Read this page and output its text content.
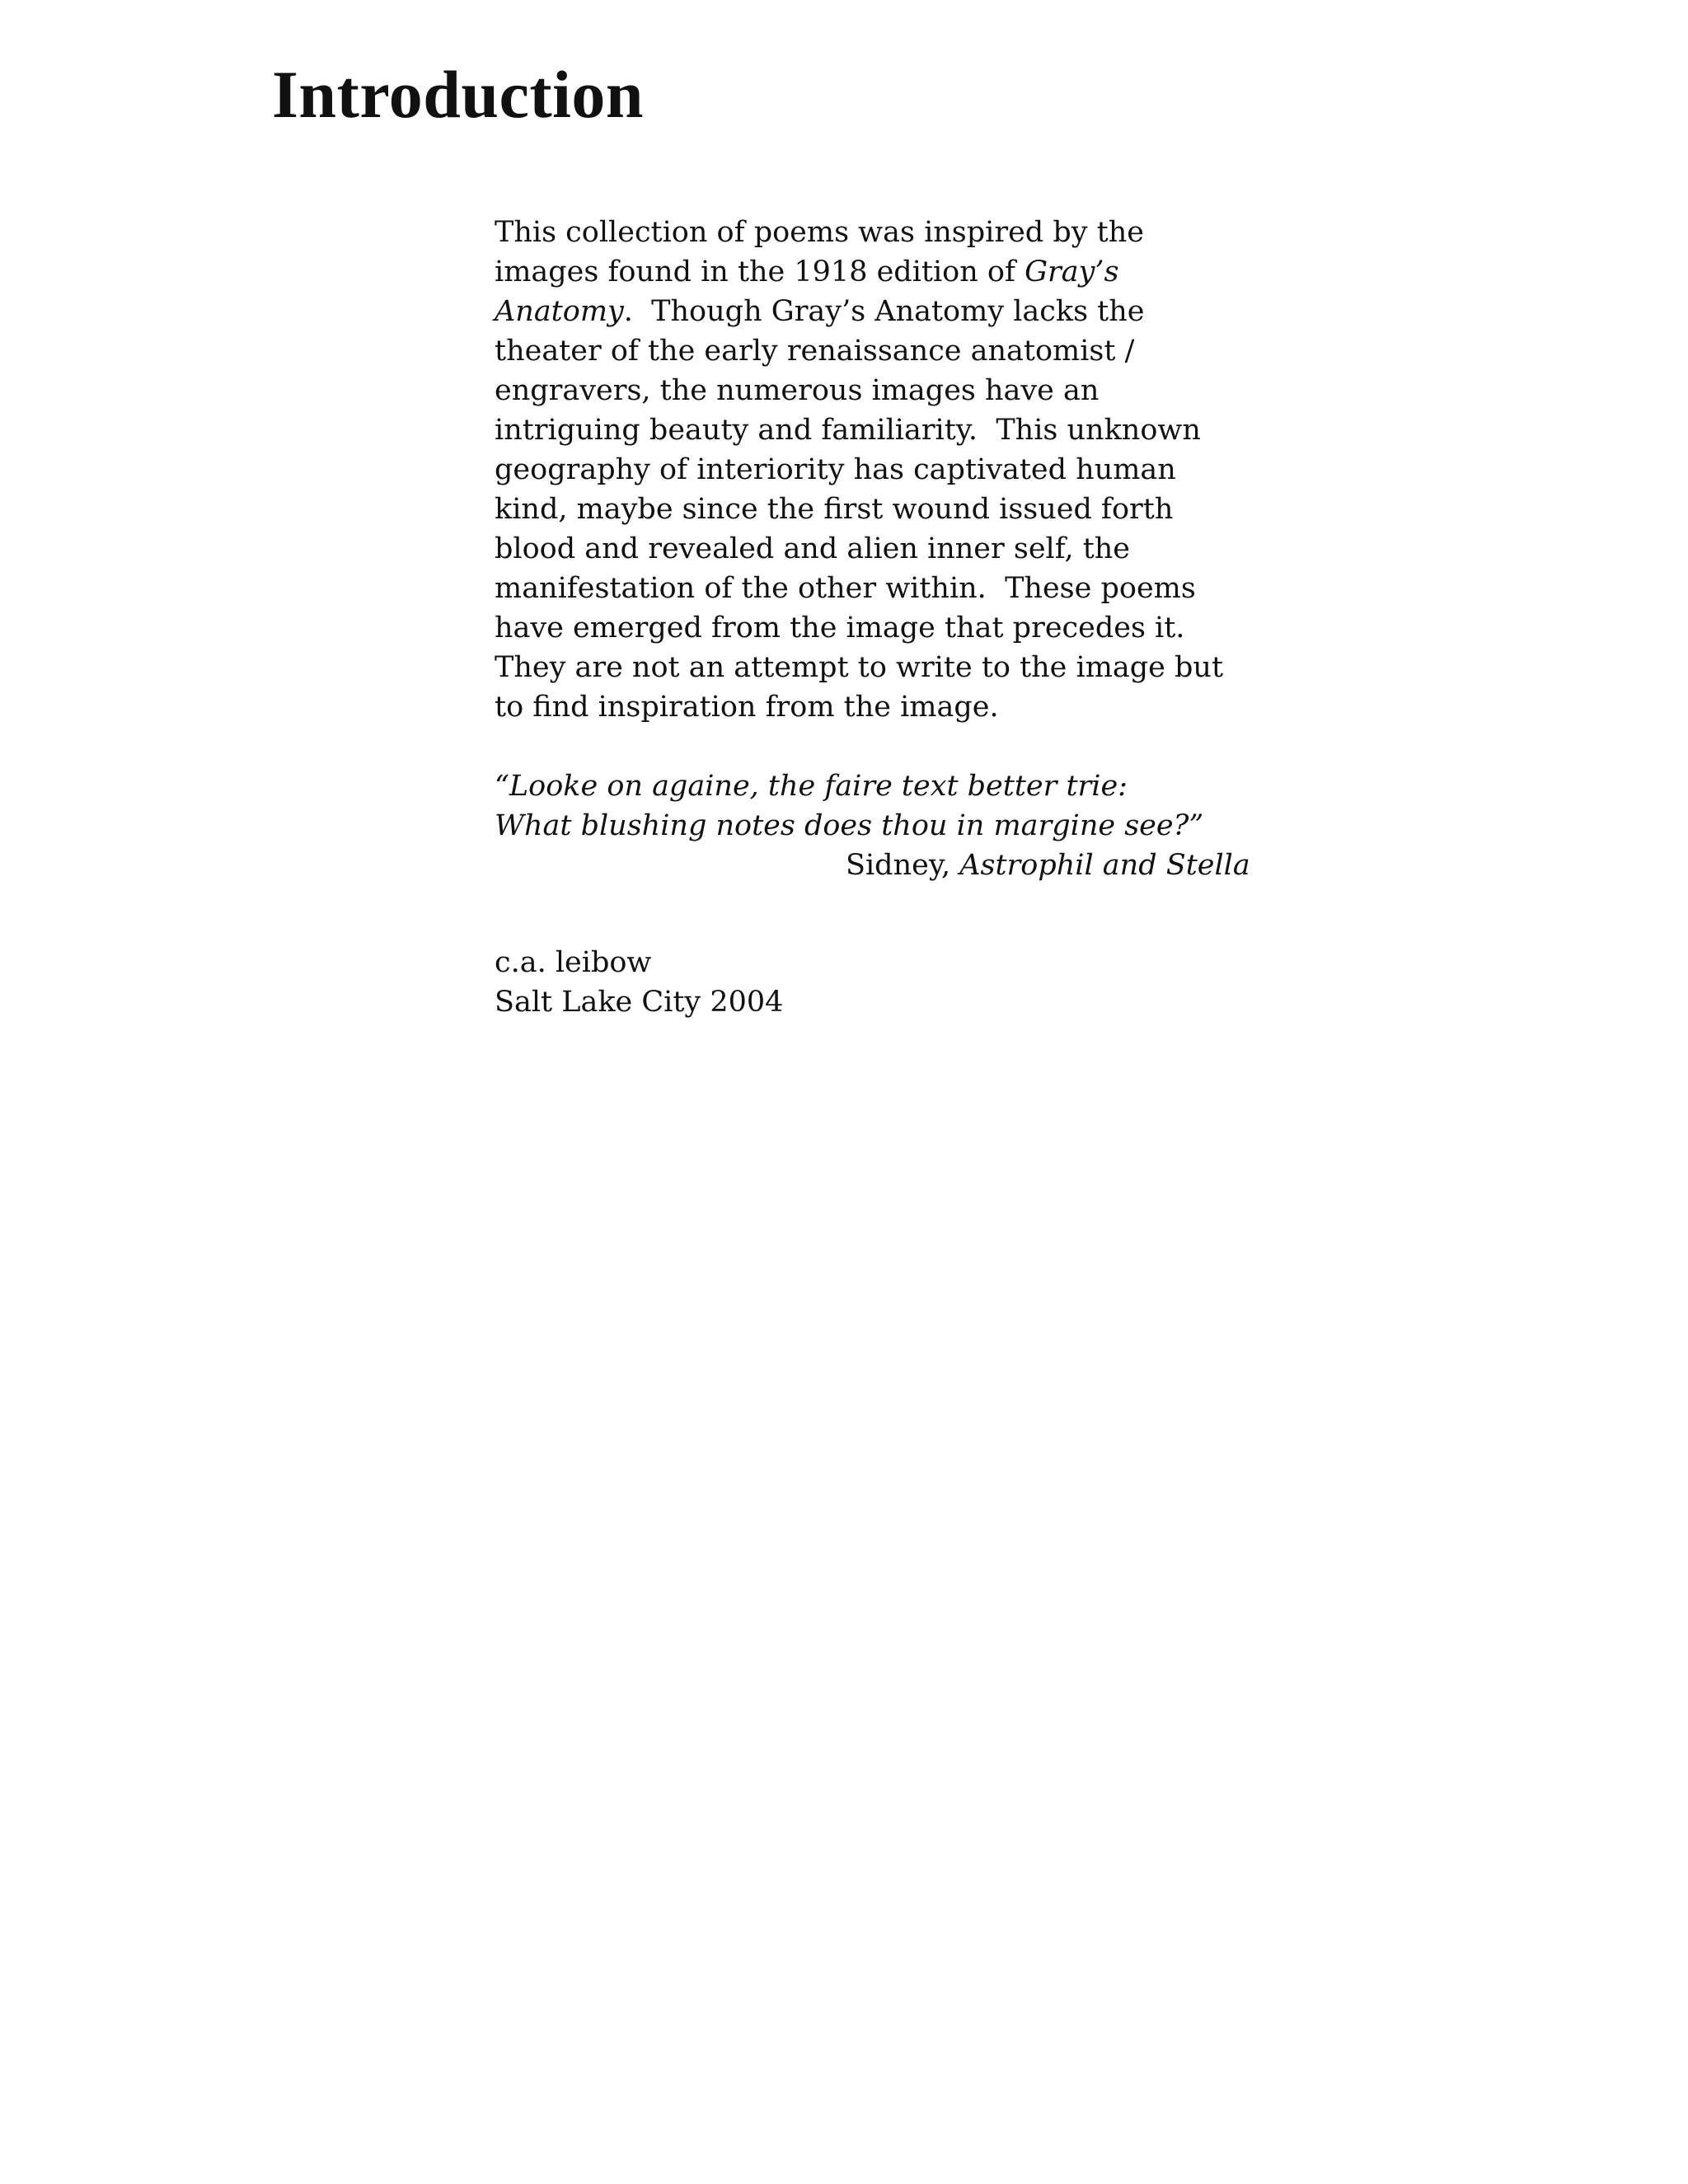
Introduction
This collection of poems was inspired by the
images found in the 1918 edition of Gray’s
Anatomy.  Though Gray’s Anatomy lacks the
theater of the early renaissance anatomist /
engravers, the numerous images have an
intriguing beauty and familiarity.  This unknown
geography of interiority has captivated human
kind, maybe since the first wound issued forth
blood and revealed and alien inner self, the
manifestation of the other within.  These poems
have emerged from the image that precedes it.
They are not an attempt to write to the image but
to find inspiration from the image.
“Looke on againe, the faire text better trie:
What blushing notes does thou in margine see?”
Sidney, Astrophil and Stella
c.a. leibow
Salt Lake City 2004
